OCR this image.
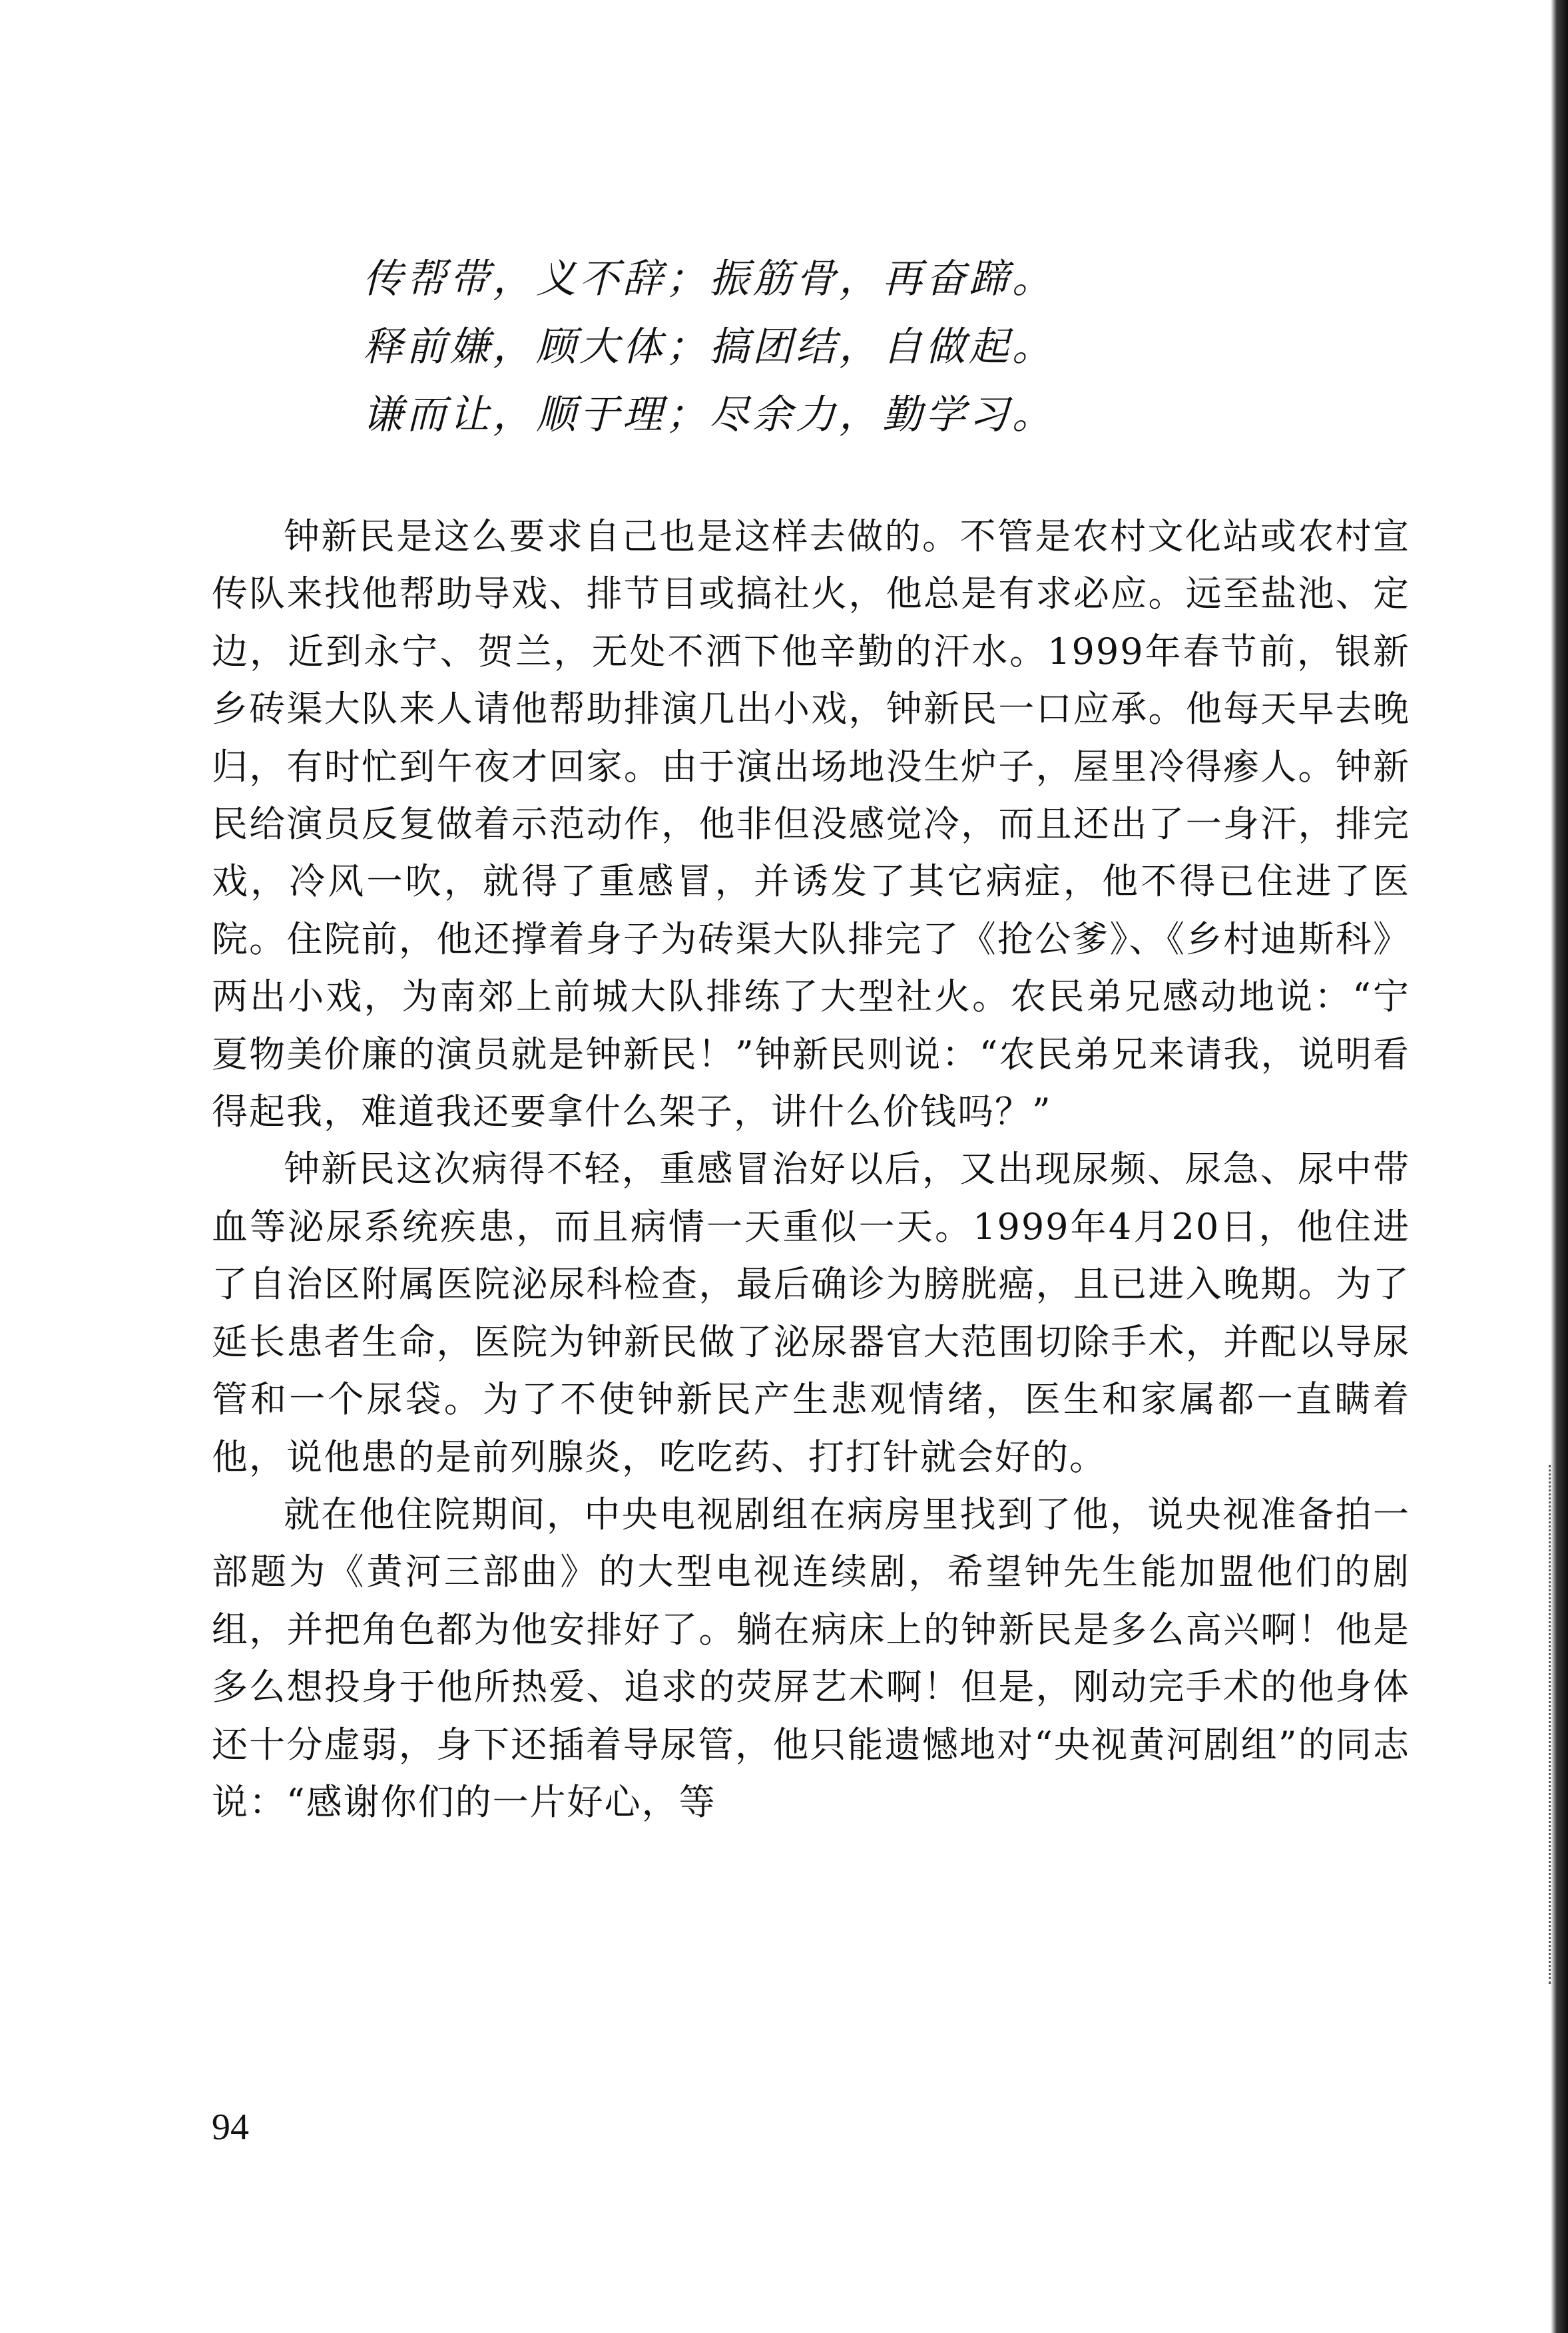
传帮带，义不辞；振筋骨，再奋蹄。
释前嫌，顾大体；搞团结，自做起。
谦而让，顺于理；尽余力，勤学习。

钟新民是这么要求自己也是这样去做的。不管是农村文化站或农村宣传队来找他帮助导戏、排节目或搞社火，他总是有求必应。远至盐池、定边，近到永宁、贺兰，无处不洒下他辛勤的汗水。1999年春节前，银新乡砖渠大队来人请他帮助排演几出小戏，钟新民一口应承。他每天早去晚归，有时忙到午夜才回家。由于演出场地没生炉子，屋里冷得瘆人。钟新民给演员反复做着示范动作，他非但没感觉冷，而且还出了一身汗，排完戏，冷风一吹，就得了重感冒，并诱发了其它病症，他不得已住进了医院。住院前，他还撑着身子为砖渠大队排完了《抢公爹》、《乡村迪斯科》两出小戏，为南郊上前城大队排练了大型社火。农民弟兄感动地说：“宁夏物美价廉的演员就是钟新民！”钟新民则说：“农民弟兄来请我，说明看得起我，难道我还要拿什么架子，讲什么价钱吗？”

钟新民这次病得不轻，重感冒治好以后，又出现尿频、尿急、尿中带血等泌尿系统疾患，而且病情一天重似一天。1999年4月20日，他住进了自治区附属医院泌尿科检查，最后确诊为膀胱癌，且已进入晚期。为了延长患者生命，医院为钟新民做了泌尿器官大范围切除手术，并配以导尿管和一个尿袋。为了不使钟新民产生悲观情绪，医生和家属都一直瞒着他，说他患的是前列腺炎，吃吃药、打打针就会好的。

就在他住院期间，中央电视剧组在病房里找到了他，说央视准备拍一部题为《黄河三部曲》的大型电视连续剧，希望钟先生能加盟他们的剧组，并把角色都为他安排好了。躺在病床上的钟新民是多么高兴啊！他是多么想投身于他所热爱、追求的荧屏艺术啊！但是，刚动完手术的他身体还十分虚弱，身下还插着导尿管，他只能遗憾地对“央视黄河剧组”的同志说：“感谢你们的一片好心，等

94
